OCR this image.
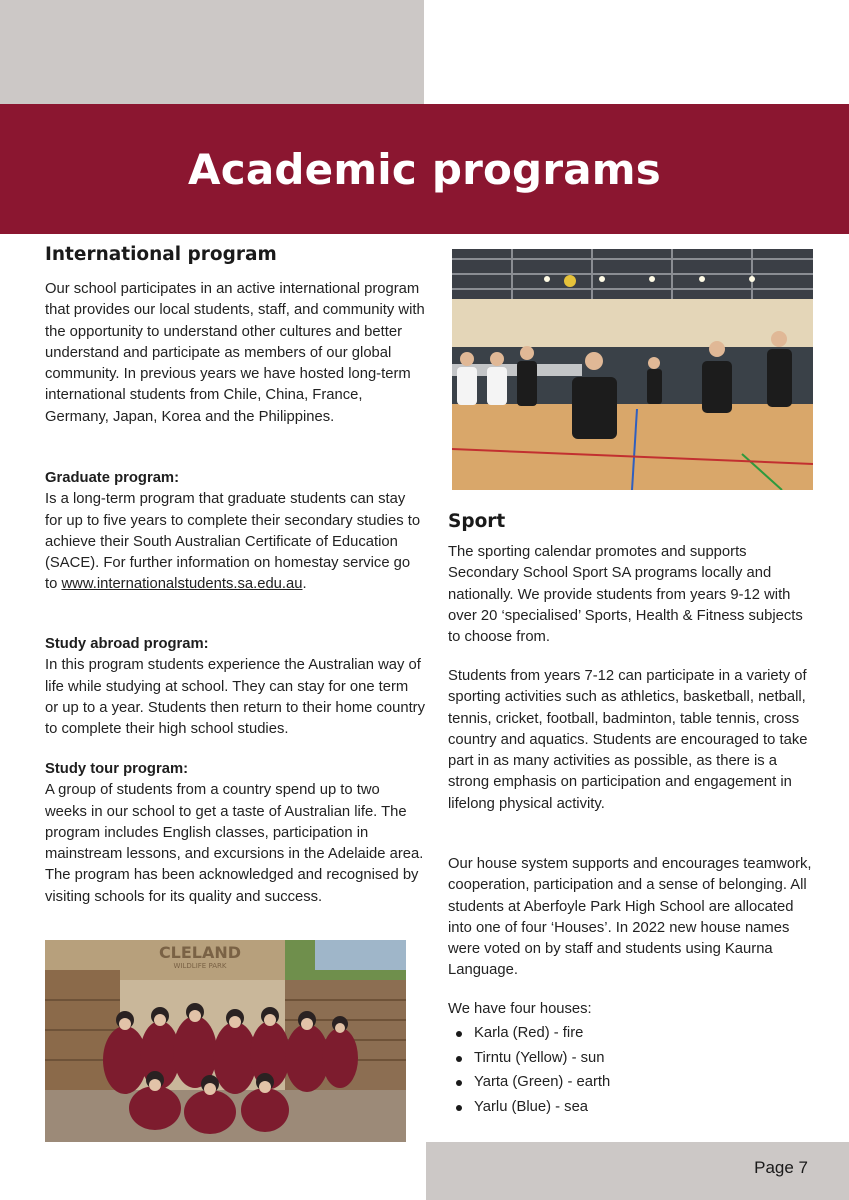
Academic programs
International program

Our school participates in an active international program that provides our local students, staff, and community with the opportunity to understand other cultures and better understand and participate as members of our global community. In previous years we have hosted long-term international students from Chile, China, France, Germany, Japan, Korea and the Philippines.

Graduate program:

Is a long-term program that graduate students can stay for up to five years to complete their secondary studies to achieve their South Australian Certificate of Education (SACE). For further information on homestay service go to www.internationalstudents.sa.edu.au.

Study abroad program:

In this program students experience the Australian way of life while studying at school. They can stay for one term or up to a year. Students then return to their home country to complete their high school studies.

Study tour program:

A group of students from a country spend up to two weeks in our school to get a taste of Australian life. The program includes English classes, participation in mainstream lessons, and excursions in the Adelaide area. The program has been acknowledged and recognised by visiting schools for its quality and success.

CLELAND
WILDLIFE PARK
Sport

The sporting calendar promotes and supports Secondary School Sport SA programs locally and nationally. We provide students from years 9-12 with over 20 ‘specialised’ Sports, Health & Fitness subjects to choose from.

Students from years 7-12 can participate in a variety of sporting activities such as athletics, basketball, netball, tennis, cricket, football, badminton, table tennis, cross country and aquatics. Students are encouraged to take part in as many activities as possible, as there is a strong emphasis on participation and engagement in lifelong physical activity.

Our house system supports and encourages teamwork, cooperation, participation and a sense of belonging. All students at Aberfoyle Park High School are allocated into one of four ‘Houses’. In 2022 new house names were voted on by staff and students using Kaurna Language.

We have four houses:

Karla (Red) - fire
Tirntu (Yellow) - sun
Yarta (Green) - earth
Yarlu (Blue) - sea
Page 7
